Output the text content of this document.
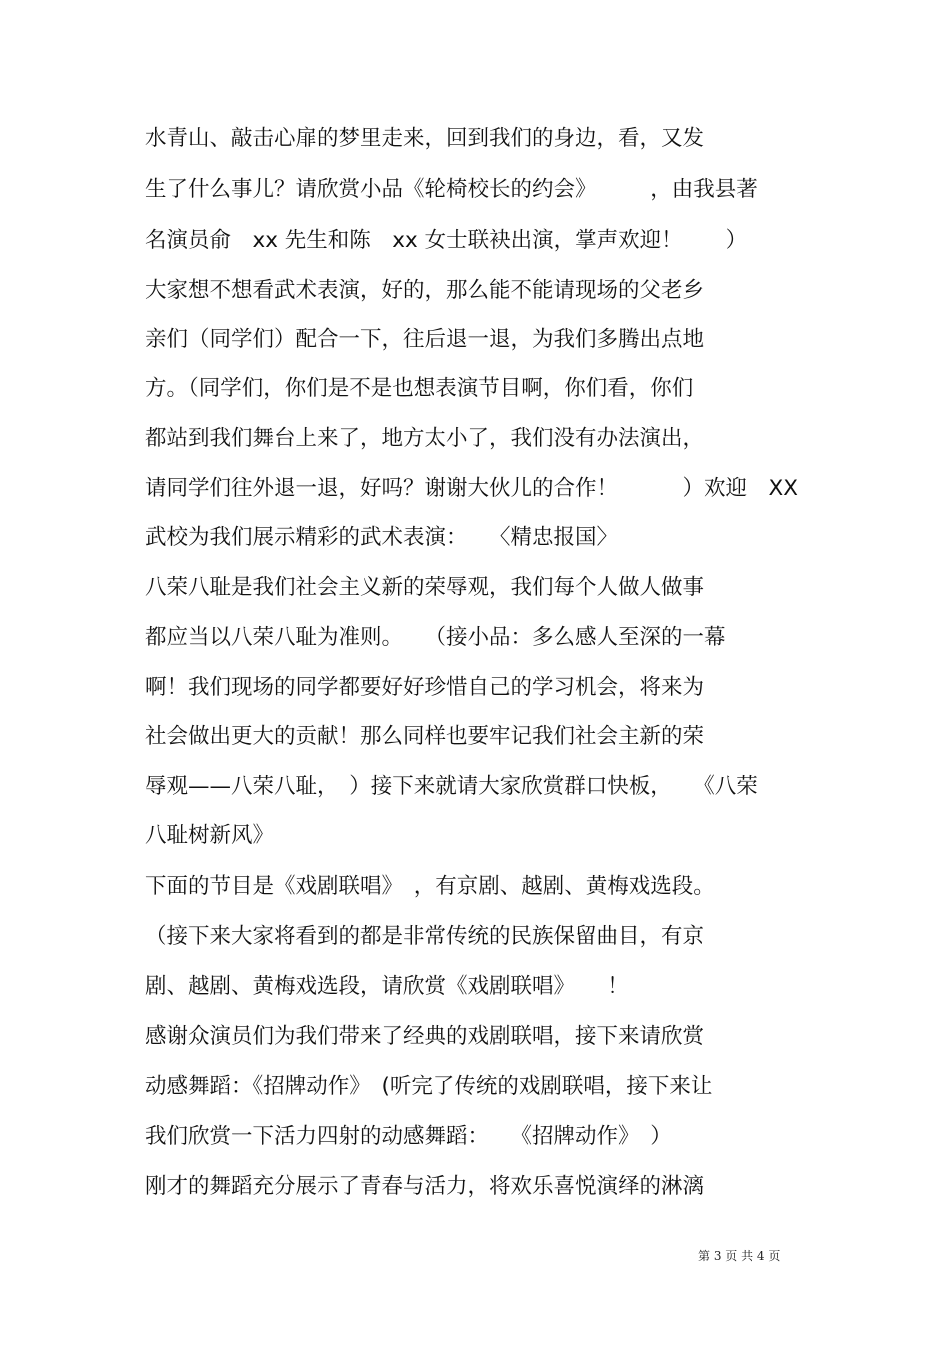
水青山、敲击心扉的梦里走来，回到我们的身边，看，又发
生了什么事儿？请欣赏小品《轮椅校长的约会》　　　，由我县著
名演员俞　xx 先生和陈　xx 女士联袂出演，掌声欢迎！　　）
大家想不想看武术表演，好的，那么能不能请现场的父老乡
亲们（同学们）配合一下，往后退一退，为我们多腾出点地
方。（同学们，你们是不是也想表演节目啊，你们看，你们
都站到我们舞台上来了，地方太小了，我们没有办法演出，
请同学们往外退一退，好吗？谢谢大伙儿的合作！　　　）欢迎　XX
武校为我们展示精彩的武术表演：　　〈精忠报国〉
八荣八耻是我们社会主义新的荣辱观，我们每个人做人做事
都应当以八荣八耻为准则。　　（接小品：多么感人至深的一幕
啊！我们现场的同学都要好好珍惜自己的学习机会，将来为
社会做出更大的贡献！那么同样也要牢记我们社会主新的荣
辱观——八荣八耻，　）接下来就请大家欣赏群口快板，　　《八荣
八耻树新风》
下面的节目是《戏剧联唱》　，有京剧、越剧、黄梅戏选段。
（接下来大家将看到的都是非常传统的民族保留曲目，有京
剧、越剧、黄梅戏选段，请欣赏《戏剧联唱》　　！
感谢众演员们为我们带来了经典的戏剧联唱，接下来请欣赏
动感舞蹈：《招牌动作》　(听完了传统的戏剧联唱，接下来让
我们欣赏一下活力四射的动感舞蹈：　　《招牌动作》　）
刚才的舞蹈充分展示了青春与活力，将欢乐喜悦演绎的淋漓
第 3 页 共 4 页
